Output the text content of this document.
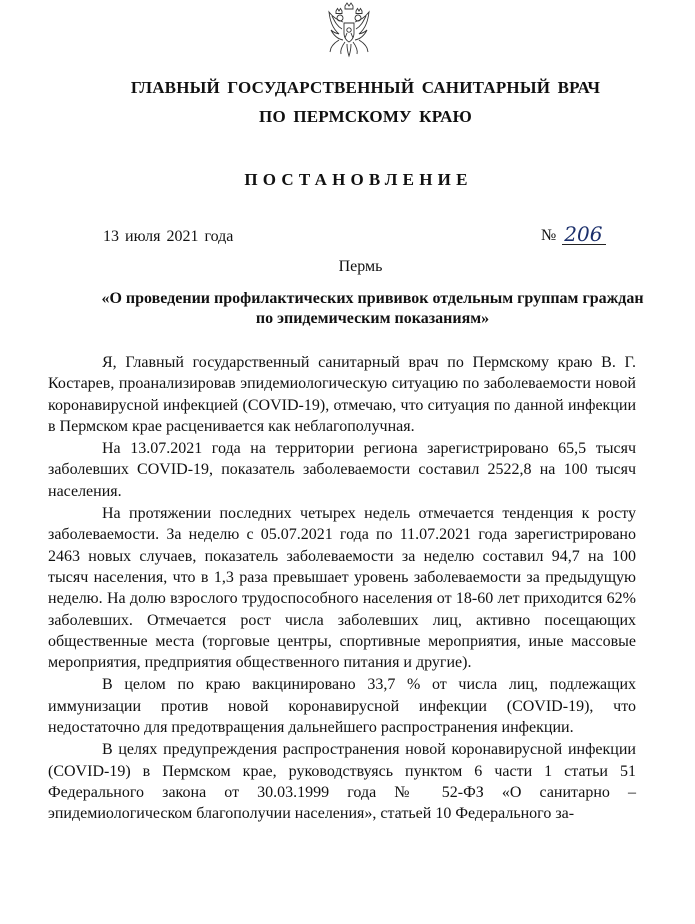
ГЛАВНЫЙ ГОСУДАРСТВЕННЫЙ САНИТАРНЫЙ ВРАЧ
ПО ПЕРМСКОМУ КРАЮ
ПОСТАНОВЛЕНИЕ
13 июля 2021 года	№ 206
Пермь
«О проведении профилактических прививок отдельным группам граждан по эпидемическим показаниям»

Я, Главный государственный санитарный врач по Пермскому краю В. Г. Костарев, проанализировав эпидемиологическую ситуацию по заболеваемости новой коронавирусной инфекцией (COVID-19), отмечаю, что ситуация по данной инфекции в Пермском крае расценивается как неблагополучная.

На 13.07.2021 года на территории региона зарегистрировано 65,5 тысяч заболевших COVID-19, показатель заболеваемости составил 2522,8 на 100 тысяч населения.

На протяжении последних четырех недель отмечается тенденция к росту заболеваемости. За неделю с 05.07.2021 года по 11.07.2021 года зарегистрировано 2463 новых случаев, показатель заболеваемости за неделю составил 94,7 на 100 тысяч населения, что в 1,3 раза превышает уровень заболеваемости за предыдущую неделю. На долю взрослого трудоспособного населения от 18-60 лет приходится 62% заболевших. Отмечается рост числа заболевших лиц, активно посещающих общественные места (торговые центры, спортивные мероприятия, иные массовые мероприятия, предприятия общественного питания и другие).

В целом по краю вакцинировано 33,7 % от числа лиц, подлежащих иммунизации против новой коронавирусной инфекции (COVID-19), что недостаточно для предотвращения дальнейшего распространения инфекции.

В целях предупреждения распространения новой коронавирусной инфекции (COVID-19) в Пермском крае, руководствуясь пунктом 6 части 1 статьи 51 Федерального закона от 30.03.1999 года № 52-ФЗ «О санитарно – эпидемиологическом благополучии населения», статьей 10 Федерального за-
